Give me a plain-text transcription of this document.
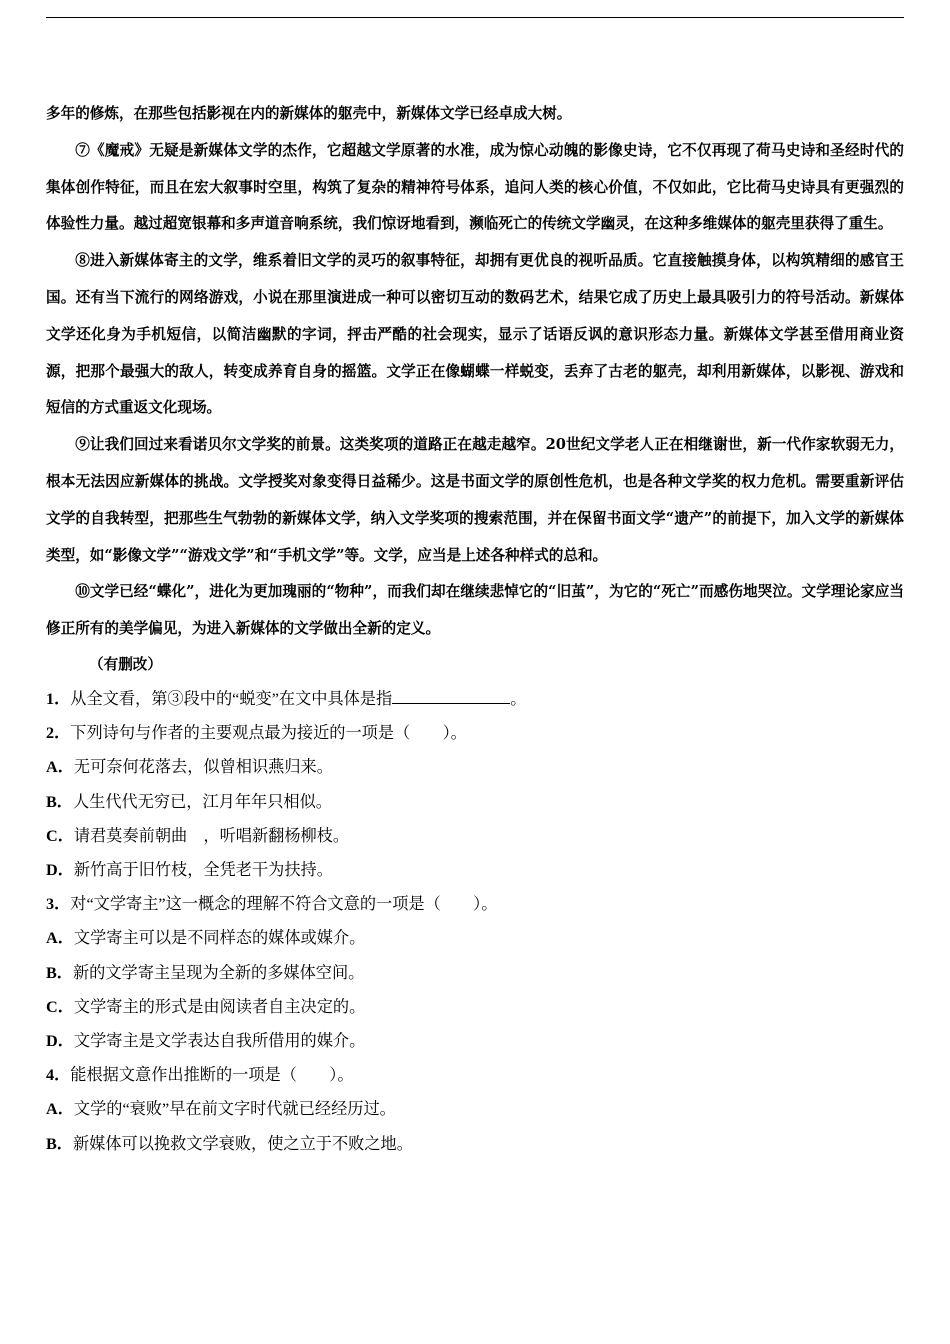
多年的修炼，在那些包括影视在内的新媒体的躯壳中，新媒体文学已经卓成大树。

⑦《魔戒》无疑是新媒体文学的杰作，它超越文学原著的水准，成为惊心动魄的影像史诗，它不仅再现了荷马史诗和圣经时代的集体创作特征，而且在宏大叙事时空里，构筑了复杂的精神符号体系，追问人类的核心价值，不仅如此，它比荷马史诗具有更强烈的体验性力量。越过超宽银幕和多声道音响系统，我们惊讶地看到，濒临死亡的传统文学幽灵，在这种多维媒体的躯壳里获得了重生。

⑧进入新媒体寄主的文学，维系着旧文学的灵巧的叙事特征，却拥有更优良的视听品质。它直接触摸身体，以构筑精细的感官王国。还有当下流行的网络游戏，小说在那里演进成一种可以密切互动的数码艺术，结果它成了历史上最具吸引力的符号活动。新媒体文学还化身为手机短信，以简洁幽默的字词，抨击严酷的社会现实，显示了话语反讽的意识形态力量。新媒体文学甚至借用商业资源，把那个最强大的敌人，转变成养育自身的摇篮。文学正在像蝴蝶一样蜕变，丢弃了古老的躯壳，却利用新媒体，以影视、游戏和短信的方式重返文化现场。

⑨让我们回过来看诺贝尔文学奖的前景。这类奖项的道路正在越走越窄。20世纪文学老人正在相继谢世，新一代作家软弱无力，根本无法因应新媒体的挑战。文学授奖对象变得日益稀少。这是书面文学的原创性危机，也是各种文学奖的权力危机。需要重新评估文学的自我转型，把那些生气勃勃的新媒体文学，纳入文学奖项的搜索范围，并在保留书面文学“遗产”的前提下，加入文学的新媒体类型，如“影像文学”“游戏文学”和“手机文学”等。文学，应当是上述各种样式的总和。

⑩文学已经“蝶化”，进化为更加瑰丽的“物种”，而我们却在继续悲悼它的“旧茧”，为它的“死亡”而感伤地哭泣。文学理论家应当修正所有的美学偏见，为进入新媒体的文学做出全新的定义。

（有删改）

1．从全文看，第③段中的“蜕变”在文中具体是指	。

2．下列诗句与作者的主要观点最为接近的一项是（　　）。

A．无可奈何花落去，似曾相识燕归来。

B．人生代代无穷已，江月年年只相似。

C．请君莫奏前朝曲　，听唱新翻杨柳枝。

D．新竹高于旧竹枝，全凭老干为扶持。

3．对“文学寄主”这一概念的理解不符合文意的一项是（　　）。

A．文学寄主可以是不同样态的媒体或媒介。

B．新的文学寄主呈现为全新的多媒体空间。

C．文学寄主的形式是由阅读者自主决定的。

D．文学寄主是文学表达自我所借用的媒介。

4．能根据文意作出推断的一项是（　　）。

A．文学的“衰败”早在前文字时代就已经经历过。

B．新媒体可以挽救文学衰败，使之立于不败之地。
